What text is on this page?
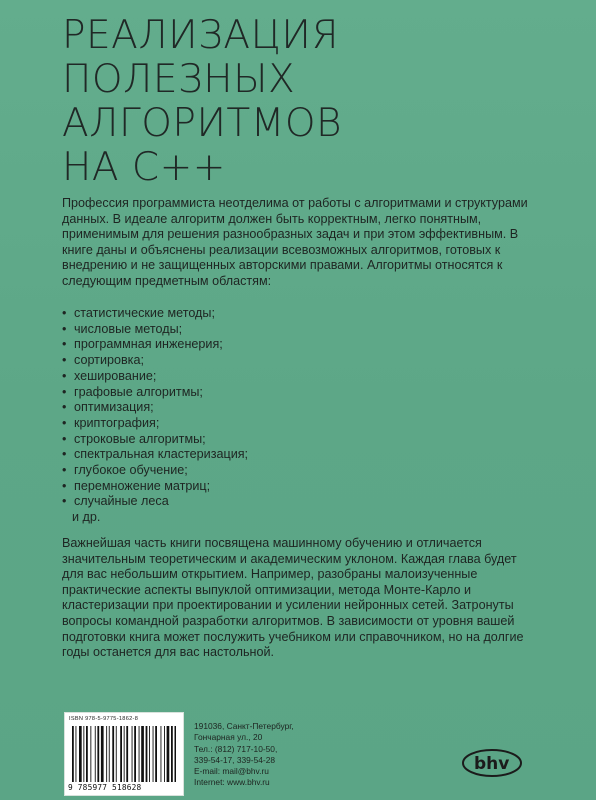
РЕАЛИЗАЦИЯ
ПОЛЕЗНЫХ
АЛГОРИТМОВ
НА C++

Профессия программиста неотделима от работы с алгоритмами и структурами данных. В идеале алгоритм должен быть корректным, легко понятным, применимым для решения разнообразных задач и при этом эффективным. В книге даны и объяснены реализации всевозможных алгоритмов, готовых к внедрению и не защищенных авторскими правами. Алгоритмы относятся к следующим предметным областям:

• статистические методы;
• числовые методы;
• программная инженерия;
• сортировка;
• хеширование;
• графовые алгоритмы;
• оптимизация;
• криптография;
• строковые алгоритмы;
• спектральная кластеризация;
• глубокое обучение;
• перемножение матриц;
• случайные леса
и др.

Важнейшая часть книги посвящена машинному обучению и отличается значительным теоретическим и академическим уклоном. Каждая глава будет для вас небольшим открытием. Например, разобраны малоизученные практические аспекты выпуклой оптимизации, метода Монте-Карло и кластеризации при проектировании и усилении нейронных сетей. Затронуты вопросы командной разработки алгоритмов. В зависимости от уровня вашей подготовки книга может послужить учебником или справочником, но на долгие годы останется для вас настольной.

ISBN 978-5-9775-1862-8
9 785977 518628
191036, Санкт-Петербург,
Гончарная ул., 20
Тел.: (812) 717-10-50,
339-54-17, 339-54-28
E-mail: mail@bhv.ru
Internet: www.bhv.ru
bhv
